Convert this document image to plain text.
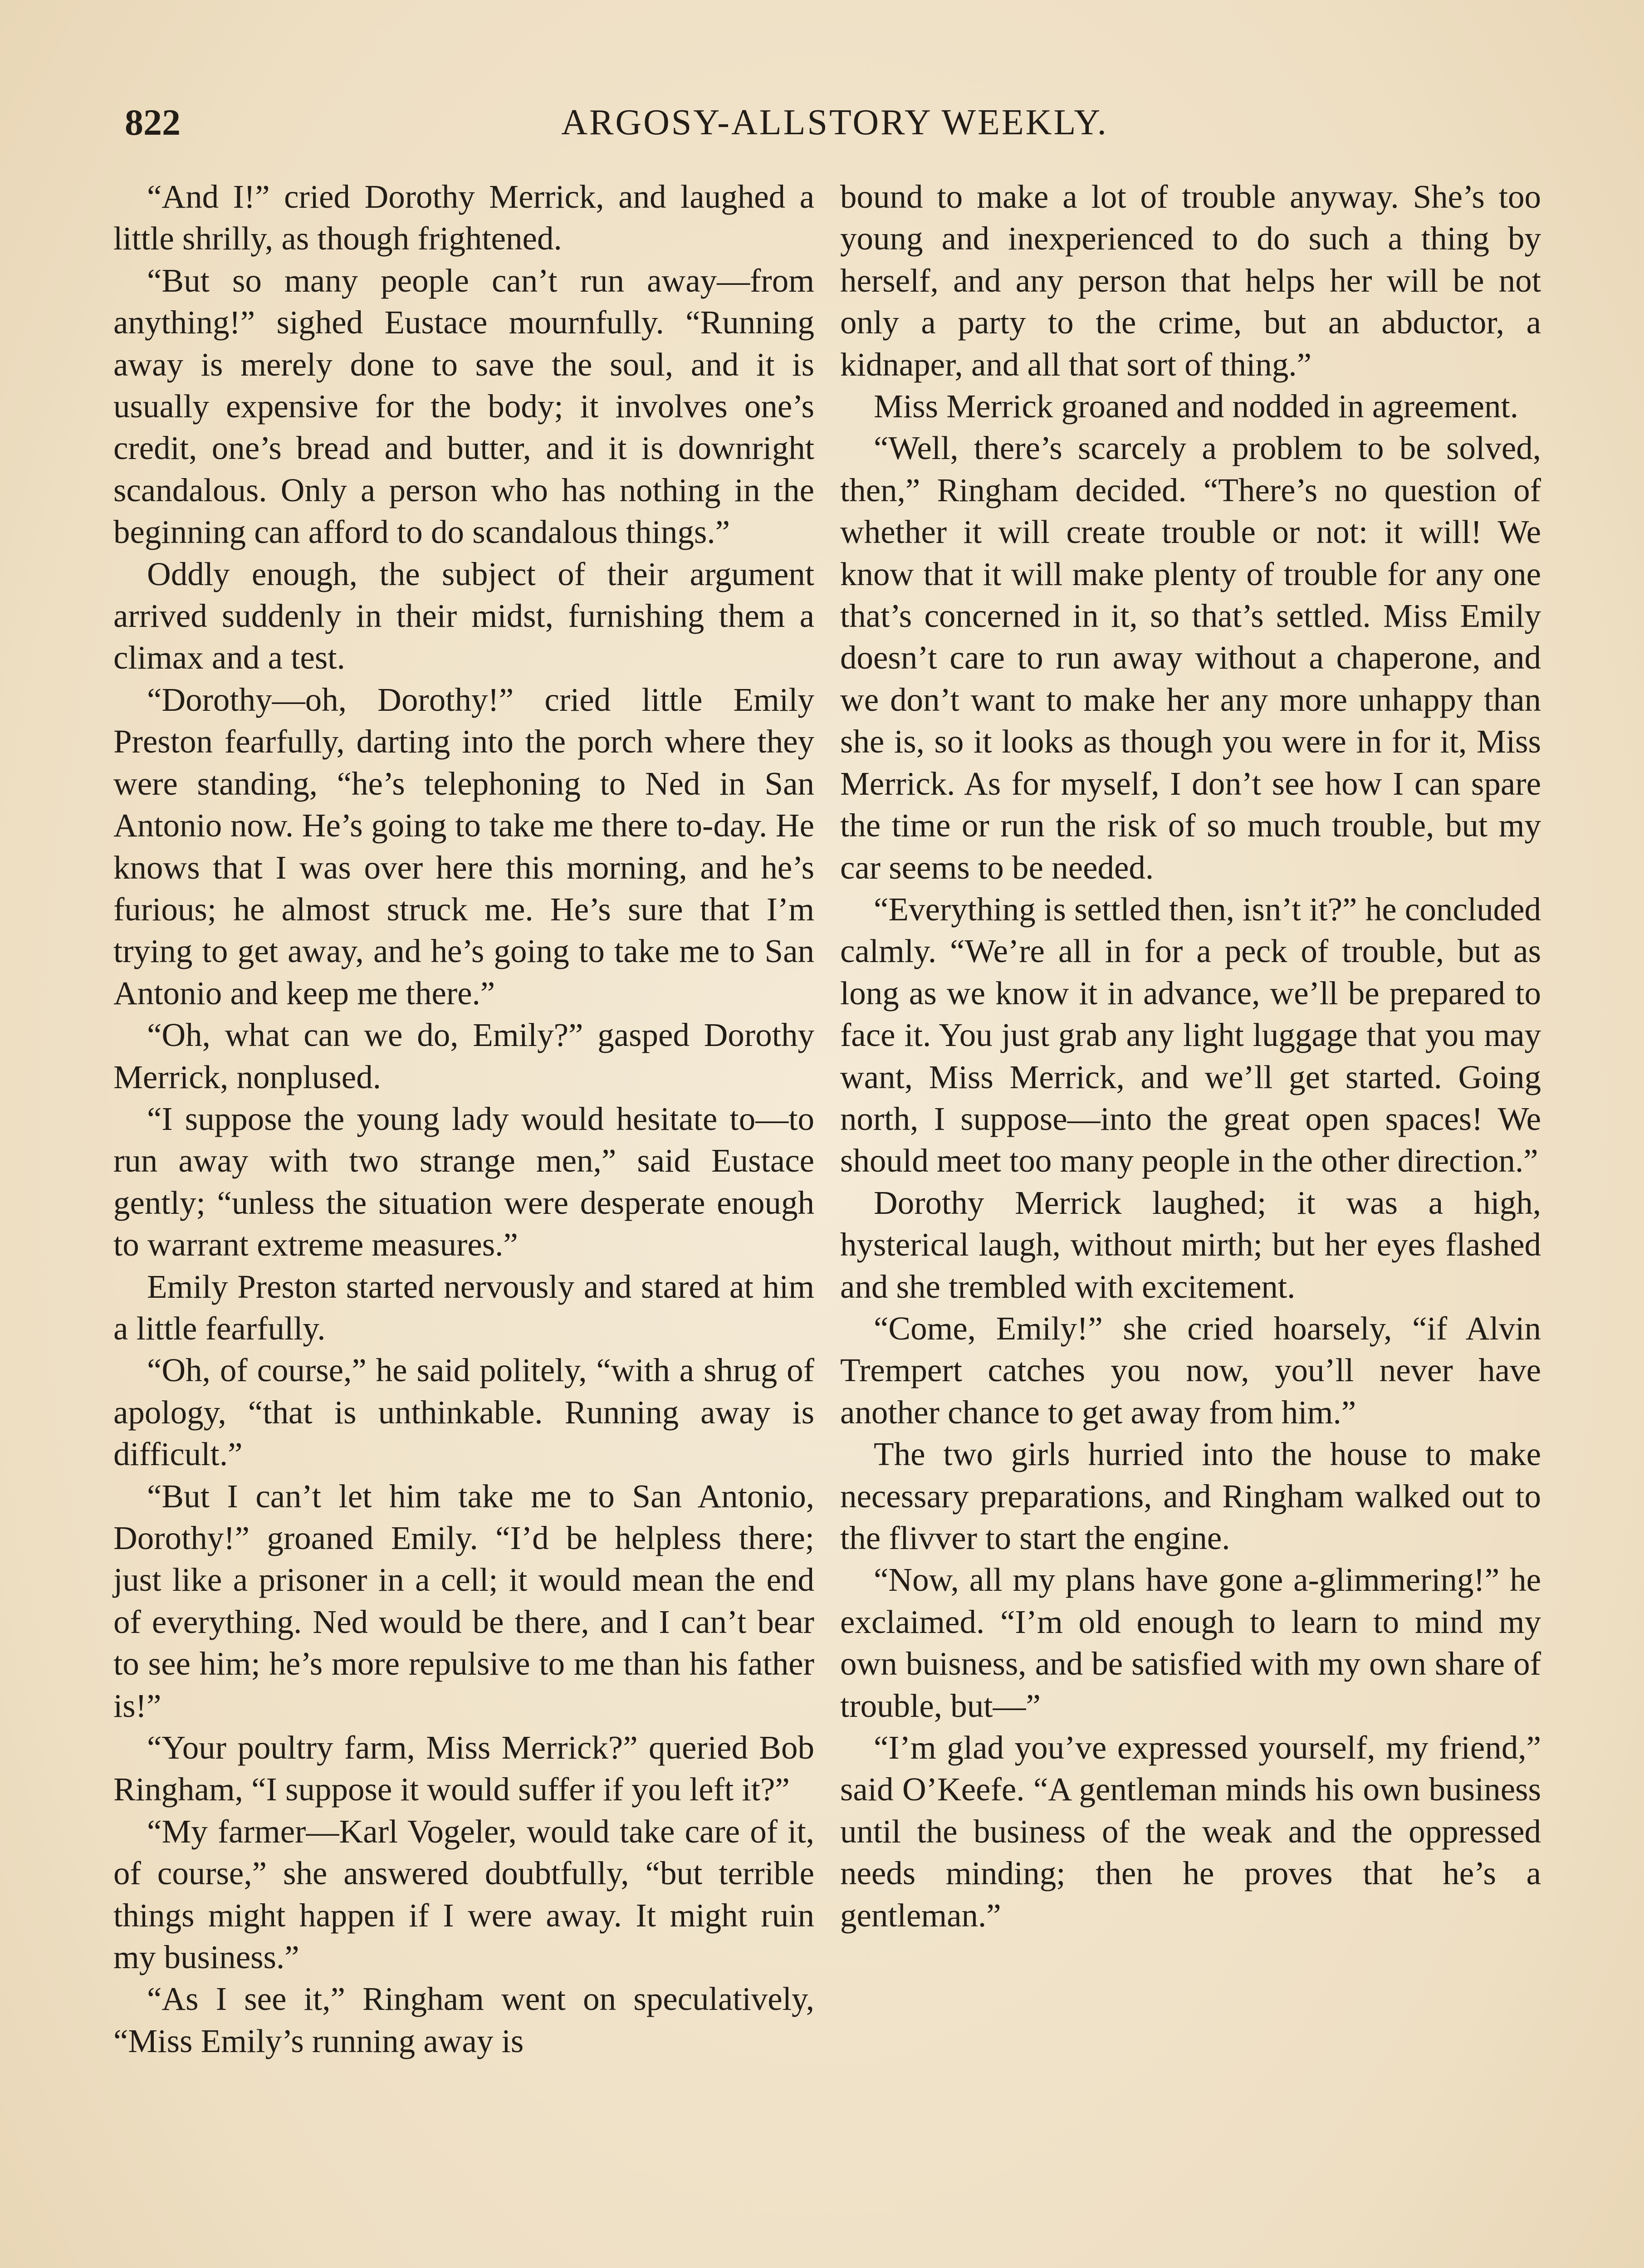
822	ARGOSY-ALLSTORY WEEKLY.

“And I!” cried Dorothy Merrick, and laughed a little shrilly, as though frightened.

“But so many people can’t run away—from anything!” sighed Eustace mournfully. “Running away is merely done to save the soul, and it is usually expensive for the body; it involves one’s credit, one’s bread and butter, and it is downright scandalous. Only a person who has nothing in the beginning can afford to do scandalous things.”

Oddly enough, the subject of their argument arrived suddenly in their midst, furnishing them a climax and a test.

“Dorothy—oh, Dorothy!” cried little Emily Preston fearfully, darting into the porch where they were standing, “he’s telephoning to Ned in San Antonio now. He’s going to take me there to-day. He knows that I was over here this morning, and he’s furious; he almost struck me. He’s sure that I’m trying to get away, and he’s going to take me to San Antonio and keep me there.”

“Oh, what can we do, Emily?” gasped Dorothy Merrick, nonplused.

“I suppose the young lady would hesitate to—to run away with two strange men,” said Eustace gently; “unless the situation were desperate enough to warrant extreme measures.”

Emily Preston started nervously and stared at him a little fearfully.

“Oh, of course,” he said politely, “with a shrug of apology, “that is unthinkable. Running away is difficult.”

“But I can’t let him take me to San Antonio, Dorothy!” groaned Emily. “I’d be helpless there; just like a prisoner in a cell; it would mean the end of everything. Ned would be there, and I can’t bear to see him; he’s more repulsive to me than his father is!”

“Your poultry farm, Miss Merrick?” queried Bob Ringham, “I suppose it would suffer if you left it?”

“My farmer—Karl Vogeler, would take care of it, of course,” she answered doubtfully, “but terrible things might happen if I were away. It might ruin my business.”

“As I see it,” Ringham went on speculatively, “Miss Emily’s running away is

bound to make a lot of trouble anyway. She’s too young and inexperienced to do such a thing by herself, and any person that helps her will be not only a party to the crime, but an abductor, a kidnaper, and all that sort of thing.”

Miss Merrick groaned and nodded in agreement.

“Well, there’s scarcely a problem to be solved, then,” Ringham decided. “There’s no question of whether it will create trouble or not: it will! We know that it will make plenty of trouble for any one that’s concerned in it, so that’s settled. Miss Emily doesn’t care to run away without a chaperone, and we don’t want to make her any more unhappy than she is, so it looks as though you were in for it, Miss Merrick. As for myself, I don’t see how I can spare the time or run the risk of so much trouble, but my car seems to be needed.

“Everything is settled then, isn’t it?” he concluded calmly. “We’re all in for a peck of trouble, but as long as we know it in advance, we’ll be prepared to face it. You just grab any light luggage that you may want, Miss Merrick, and we’ll get started. Going north, I suppose—into the great open spaces! We should meet too many people in the other direction.”

Dorothy Merrick laughed; it was a high, hysterical laugh, without mirth; but her eyes flashed and she trembled with excitement.

“Come, Emily!” she cried hoarsely, “if Alvin Trempert catches you now, you’ll never have another chance to get away from him.”

The two girls hurried into the house to make necessary preparations, and Ringham walked out to the flivver to start the engine.

“Now, all my plans have gone a-glimmering!” he exclaimed. “I’m old enough to learn to mind my own buisness, and be satisfied with my own share of trouble, but—”

“I’m glad you’ve expressed yourself, my friend,” said O’Keefe. “A gentleman minds his own business until the business of the weak and the oppressed needs minding; then he proves that he’s a gentleman.”
